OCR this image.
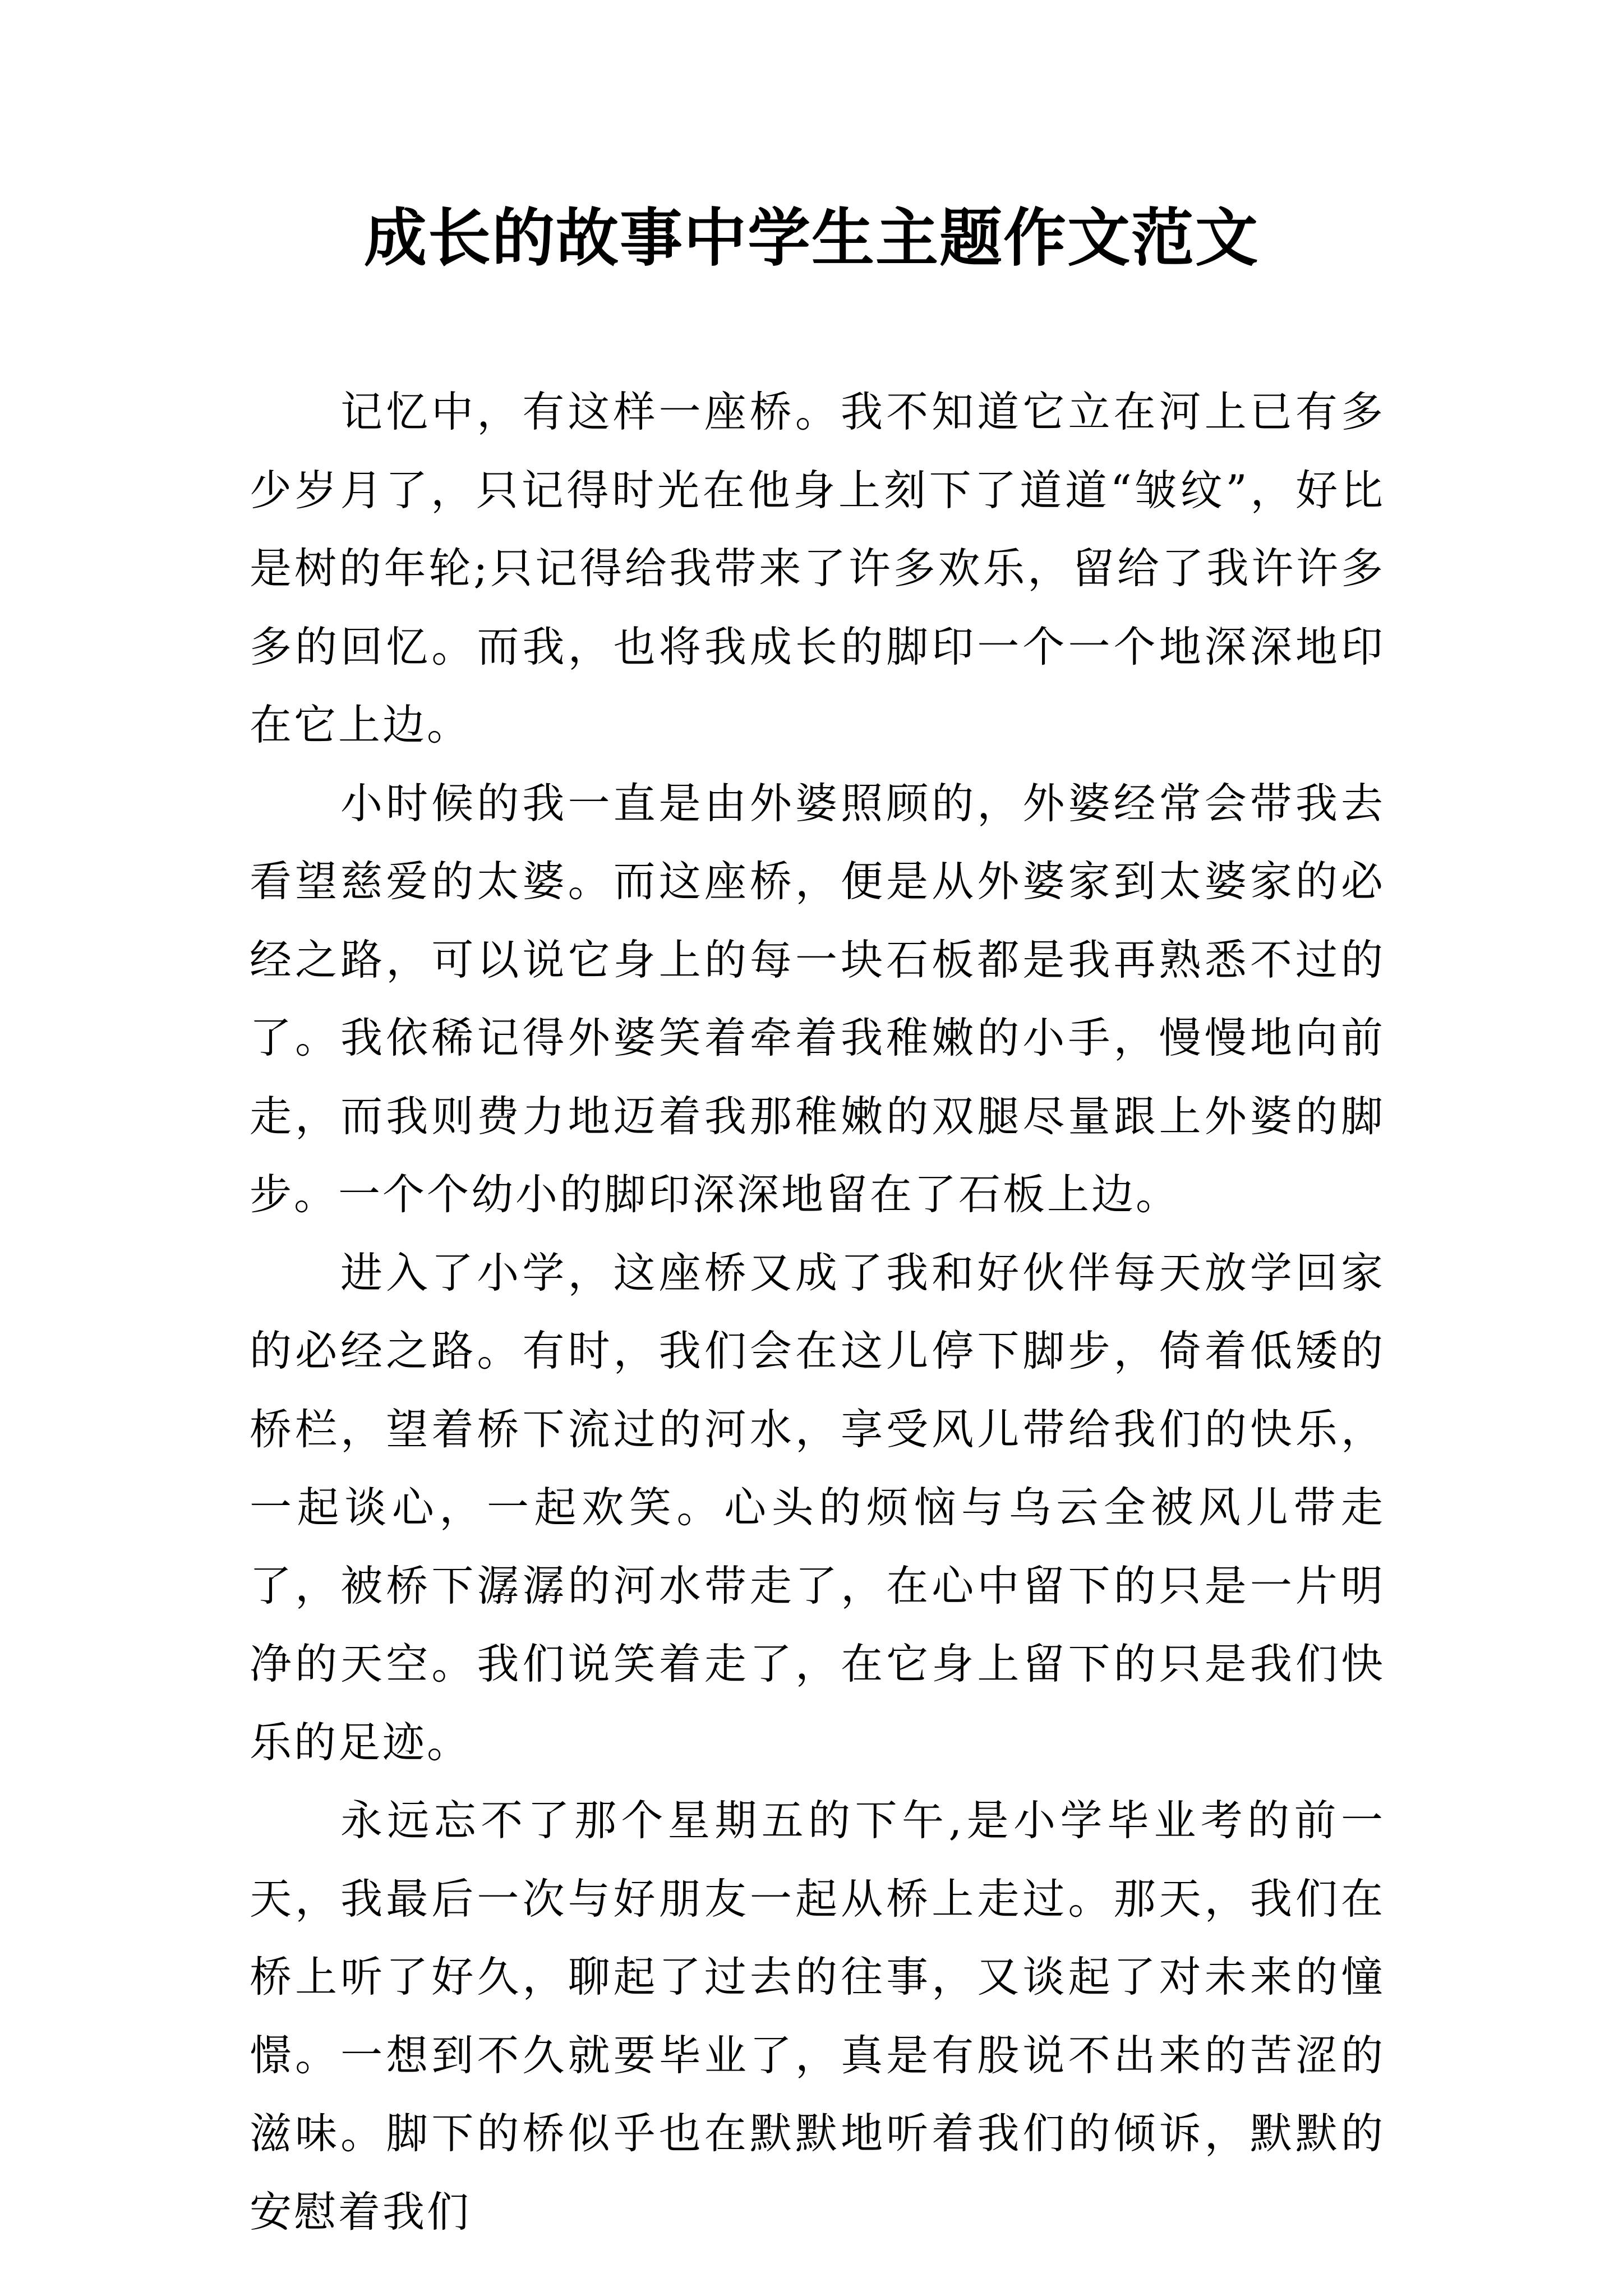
成长的故事中学生主题作文范文

记忆中，有这样一座桥。我不知道它立在河上已有多少岁月了，只记得时光在他身上刻下了道道“皱纹”，好比是树的年轮;只记得给我带来了许多欢乐，留给了我许许多多的回忆。而我，也将我成长的脚印一个一个地深深地印在它上边。

小时候的我一直是由外婆照顾的，外婆经常会带我去看望慈爱的太婆。而这座桥，便是从外婆家到太婆家的必经之路，可以说它身上的每一块石板都是我再熟悉不过的了。我依稀记得外婆笑着牵着我稚嫩的小手，慢慢地向前走，而我则费力地迈着我那稚嫩的双腿尽量跟上外婆的脚步。一个个幼小的脚印深深地留在了石板上边。

进入了小学，这座桥又成了我和好伙伴每天放学回家的必经之路。有时，我们会在这儿停下脚步，倚着低矮的桥栏，望着桥下流过的河水，享受风儿带给我们的快乐，一起谈心，一起欢笑。心头的烦恼与乌云全被风儿带走了，被桥下潺潺的河水带走了，在心中留下的只是一片明净的天空。我们说笑着走了，在它身上留下的只是我们快乐的足迹。

永远忘不了那个星期五的下午,是小学毕业考的前一天，我最后一次与好朋友一起从桥上走过。那天，我们在桥上听了好久，聊起了过去的往事，又谈起了对未来的憧憬。一想到不久就要毕业了，真是有股说不出来的苦涩的滋味。脚下的桥似乎也在默默地听着我们的倾诉，默默的安慰着我们
